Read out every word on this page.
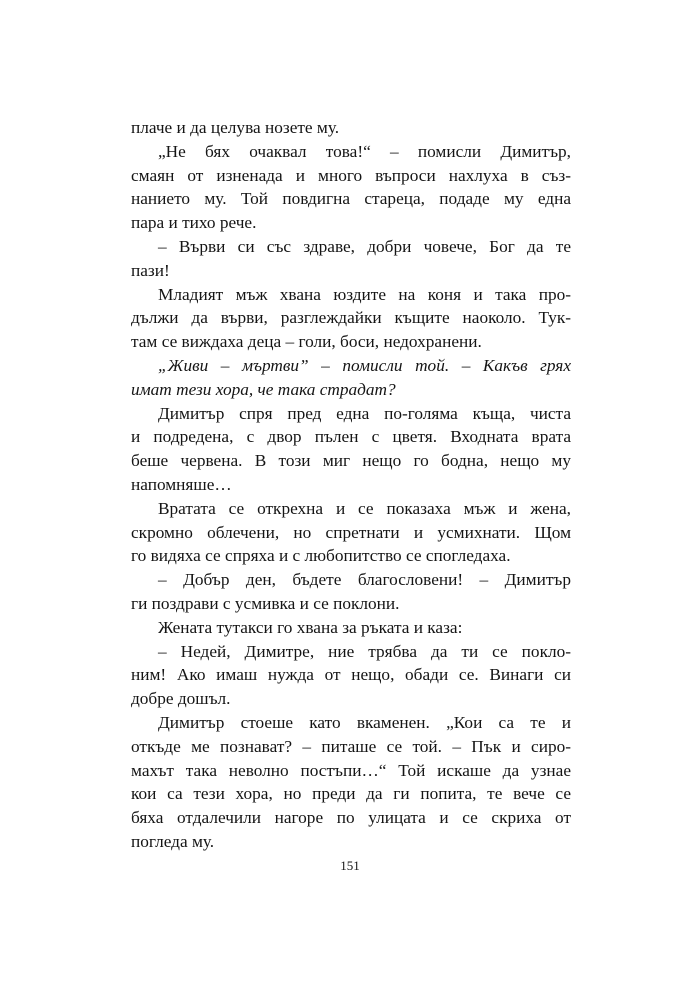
плаче и да целува нозете му.
„Не бях очаквал това!“ – помисли Димитър,
смаян от изненада и много въпроси нахлуха в съз-
нанието му. Той повдигна стареца, подаде му една
пара и тихо рече.
– Върви си със здраве, добри човече, Бог да те
пази!
Младият мъж хвана юздите на коня и така про-
дължи да върви, разглеждайки къщите наоколо. Тук-
там се виждаха деца – голи, боси, недохранени.
„Живи – мъртви” – помисли той. – Какъв грях
имат тези хора, че така страдат?
Димитър спря пред една по-голяма къща, чиста
и подредена, с двор пълен с цветя. Входната врата
беше червена. В този миг нещо го бодна, нещо му
напомняше…
Вратата се открехна и се показаха мъж и жена,
скромно облечени, но спретнати и усмихнати. Щом
го видяха се спряха и с любопитство се спогледаха.
– Добър ден, бъдете благословени! – Димитър
ги поздрави с усмивка и се поклони.
Жената тутакси го хвана за ръката и каза:
– Недей, Димитре, ние трябва да ти се покло-
ним! Ако имаш нужда от нещо, обади се. Винаги си
добре дошъл.
Димитър стоеше като вкаменен. „Кои са те и
откъде ме познават? – питаше се той. – Пък и сиро-
махът така неволно постъпи…“ Той искаше да узнае
кои са тези хора, но преди да ги попита, те вече се
бяха отдалечили нагоре по улицата и се скриха от
погледа му.
151
